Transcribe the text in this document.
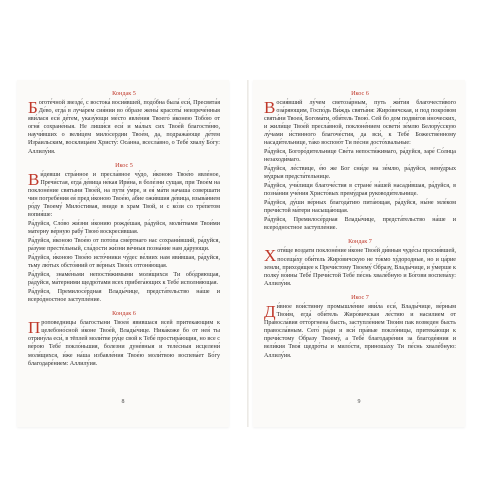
Кондак 5

Боготе́чной звезде́, с востока́ восия́вшей, подо́бна была́ еси́, Пресвята́я Де́во, егда́ в луча́рем сия́нии во о́бразе жены́ красоты́ неизрече́нныя яви́лася еси́ де́тем, указу́ющи ме́сто явле́ния Твоего́ и́конею Тобо́ю от огня́ сохране́ныя. Не лиши́ся еси́ и ма́лых сих Твое́й благости́ню, научи́вших о вели́цем мило́сердии Твое́м, да, подража́юще де́тем Изра́ильским, восклица́ем Христу́: Оса́нна, всесла́вно, о Тебе́ хвалу́ Бо́гу: Аллилу́ия.

Икос 5

Ви́девши стра́нное и пресла́вное чу́до, и́коною Твое́ю явле́ное, Пречи́стая, егда́ де́вица не́кая Ири́на, в боле́зни сущая, при Твое́м на поклоне́ние святыни Твое́й, на пути́ у́мре, и ея́ ма́ти начаша́ совершати чин погребе́ния ея́ пред и́коною Твое́ю, а́бие ожи́вшия де́вица, взыва́нием ро́ду Твоему́ Мило́стивая, вниде в храм Твой, и с ко́зи со тре́петом вопия́ше:

Ра́дуйся, Сло́во жи́зни и́конию рожде́шая, ра́дуйся, моли́твами Твои́ми ма́терну ве́рную рабу́ Твою́ воскреси́вшая.

Ра́дуйся, и́коною Твое́ю от пото́па сме́ртнаго нас сохрани́вший, ра́дуйся, ра́зуме престе́льный, сла́дости жи́зни ве́чныя позна́ние нам да́рующи.

Ра́дуйся, и́коною Твое́ю исто́чники чу́дес ве́лиих нам яви́вшая, ра́дуйся, тьму лю́тых обсто́яний от ве́рных Твои́х отгоня́ющая.

Ра́дуйся, знаме́ньми непости́жимыми моля́щихся Ти обо́дряющая, ра́дуйся, ма́терними щедро́тами всех прибега́ющих к Тебе́ исполня́ющая.

Ра́дуйся, Премилосе́рдная Влады́чице, предста́тельство на́ше и всеро́дностное заступле́ние.

Кондак 6

Проповедницы благостыни Твоея́ явившася всей притекающим к целебоно́сной и́коне Твое́й, Влады́чице. Ника́коже бо от нея́ ты отрину́ла еси́, в тёплей моли́тве ру́це свой к Тебе́ простира́ющия, но все с ве́рою Тебе́ покло́ньшия, болезни дуне́вныя и теле́сныя исцелени́ моля́щихся, и́же на́ша избавле́ния Твое́ю моли́твою воспева́ет Бо́гу благодаре́нием: Аллилу́ия.

8
Икос 6

Восия́вший лу́чем светоза́рным, путь жи́тия благочести́вого оза́ряющим, Госпо́дь Ви́ждь святы́ня: Жиро́вичская, и под покро́вом святы́ни Твоея́, Богома́ти, оби́тель Твою́. Сей бо дом подви́гов и́ноческих, и жили́ще Твое́й пресла́вной, поклоне́нием освети́ зе́млю Белору́сскую лу́чами и́стинного благоче́стия, да вси́, к Тебе́ Божестве́нному насади́тельнице, та́ко воспою́т Ти пе́сни досто́хвальные:

Ра́дуйся, Богоро́дительнице Све́та непости́жимаго, ра́дуйся, заре́ Со́лнца незаходи́маго.

Ра́дуйся, ле́ствице, е́ю же Бог сни́де на зе́млю, ра́дуйся, нему́дрых му́дрыя предста́тельнице.

Ра́дуйся, учи́лищи благоче́стия в стране́ на́шей насади́вшая, ра́дуйся, в позна́нии уче́ния Христо́вых прему́драя руководи́тельнице.

Ра́дуйся, ду́ши ве́рных благода́тию пита́ющая, ра́дуйся, ны́не мле́ком пречи́стой ма́тери насыща́ющая.

Ра́дуйся, Премилосе́рдная Влады́чице, предста́тельство на́ше и всеро́дностное заступле́ние.

Кондак 7

Хотя́ще воздати поклоне́ние и́коне Твое́й ди́вныя чуде́сы просия́вшей, посеща́ху оби́тель Жиро́вичскую не то́кмо ху́дородные, но и ца́рие земли, приходя́щее к Пречи́стому Твоему́ О́бразу, Влады́чице, и у́мерше к полку́ во́ины Тебе́ Пречи́стой Тебе́ пе́снь хвале́бную и Бо́гови воспева́ху: Аллилу́ия.

Икос 7

Ди́вное вои́стинну промышле́ние яви́ла еси́, Влады́чице, ве́рным Твои́м, егда́ оби́тель Жиро́вичская ле́стию и насилием от Правосла́вия отто́ргнена бысть, заступле́нием Твои́м пак возведен бысть правосла́вным. Сего́ ра́ди и вси́ пра́вые покло́ницы, притека́ющи к пречи́стому О́бразу Твоему́, а Тебе́ благодаре́ния за благоде́яния и вели́кия Твоя́ щедро́ты и мило́сти, приноша́ху Ти пе́снь хвале́бную: Аллилу́ия.

9
